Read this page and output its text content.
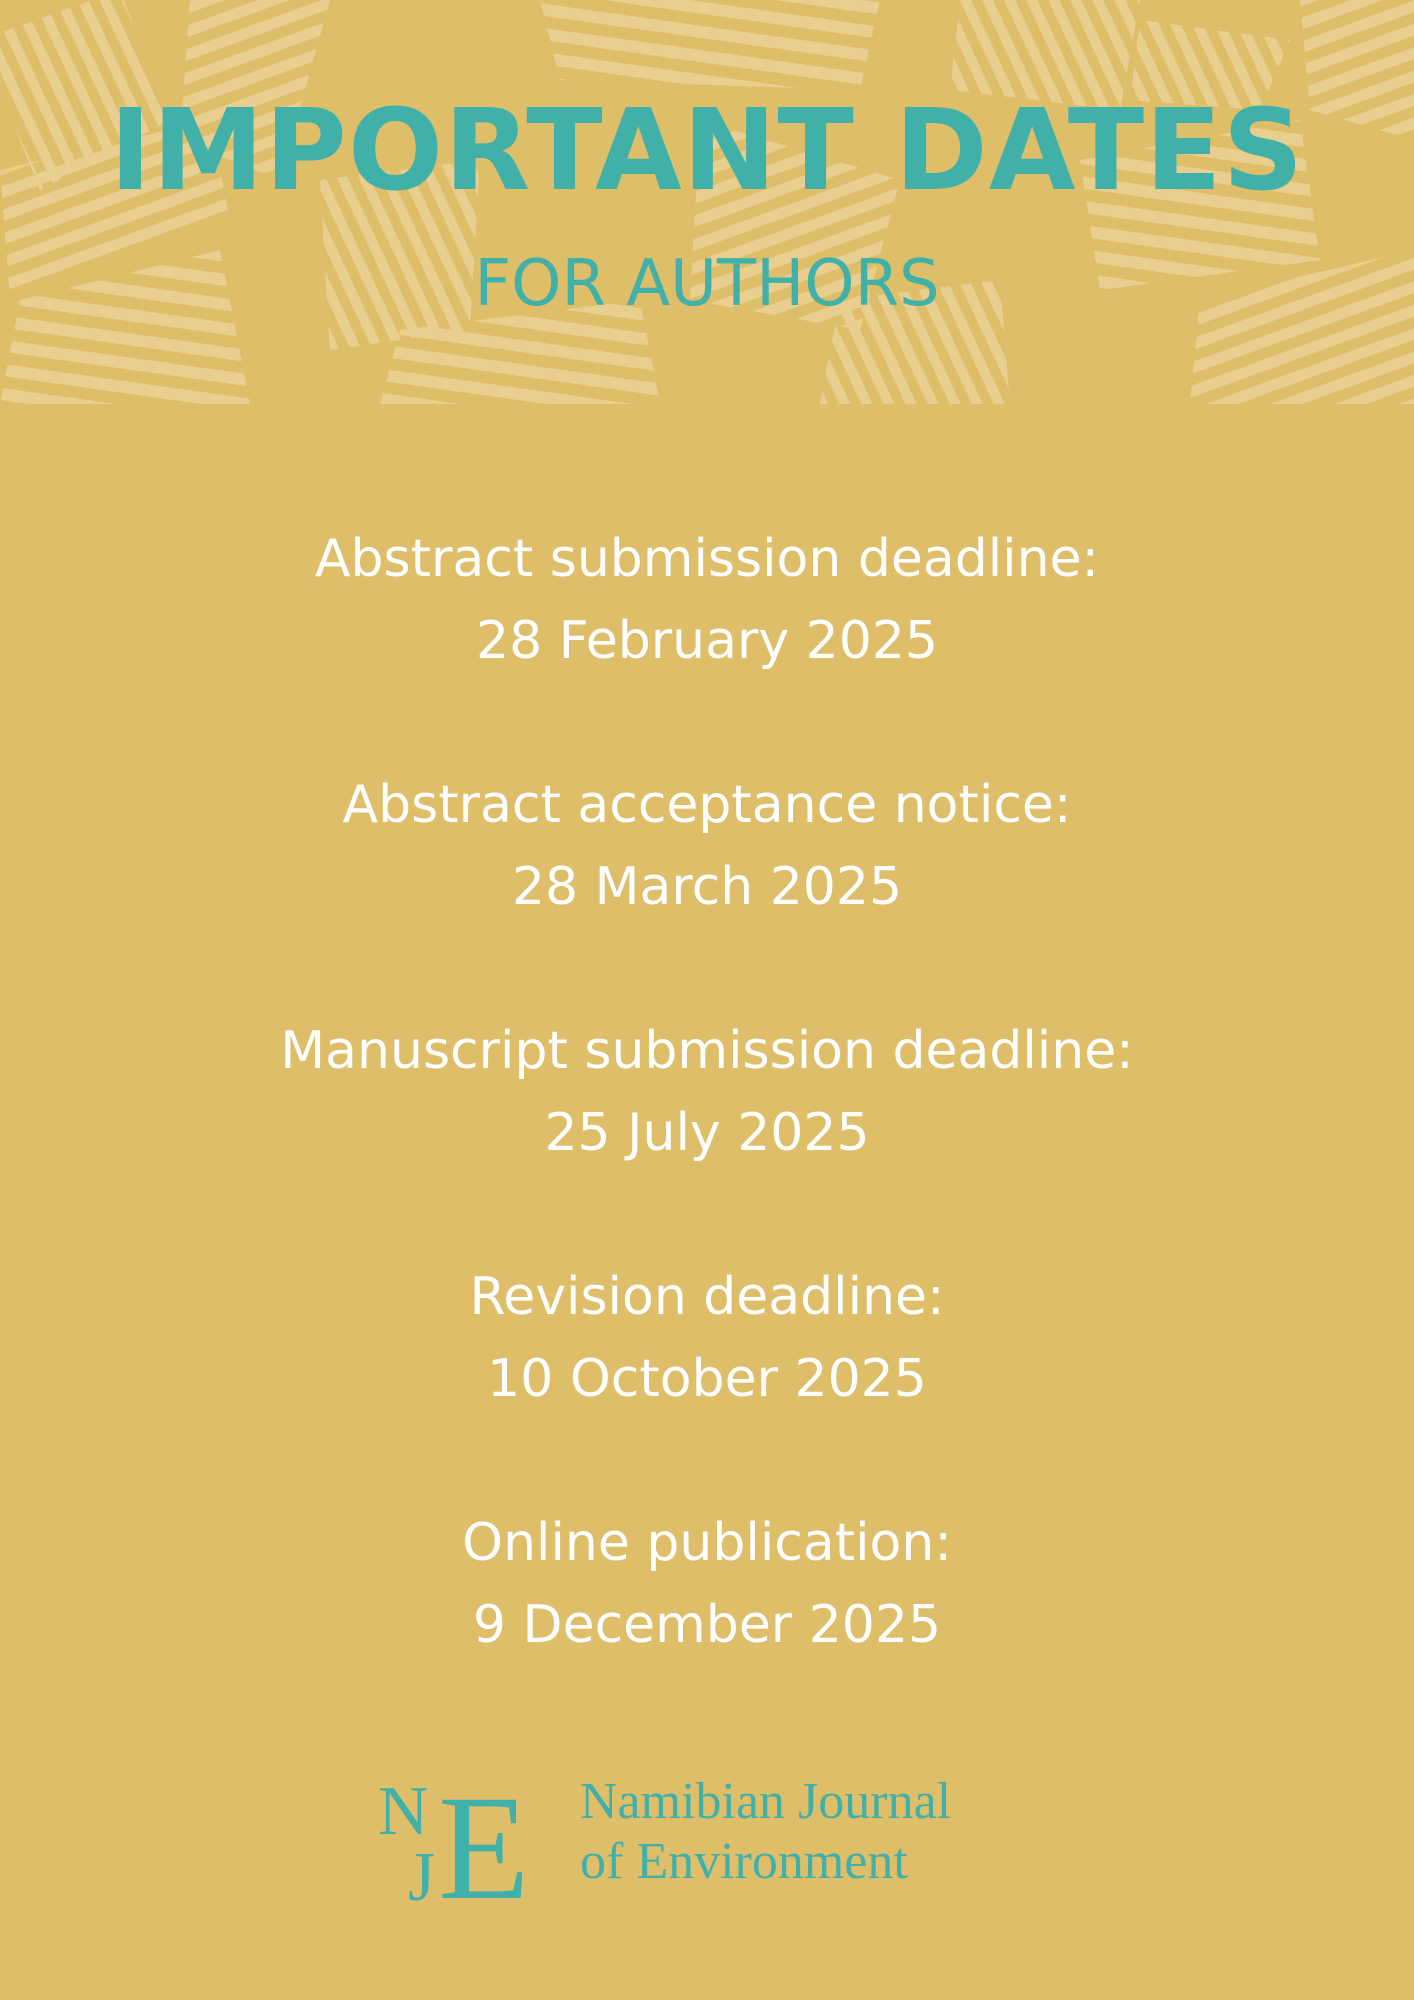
IMPORTANT DATES
FOR AUTHORS
Abstract submission deadline:
28 February 2025
Abstract acceptance notice:
28 March 2025
Manuscript submission deadline:
25 July 2025
Revision deadline:
10 October 2025
Online publication:
9 December 2025
N
J E Namibian Journal
of Environment
